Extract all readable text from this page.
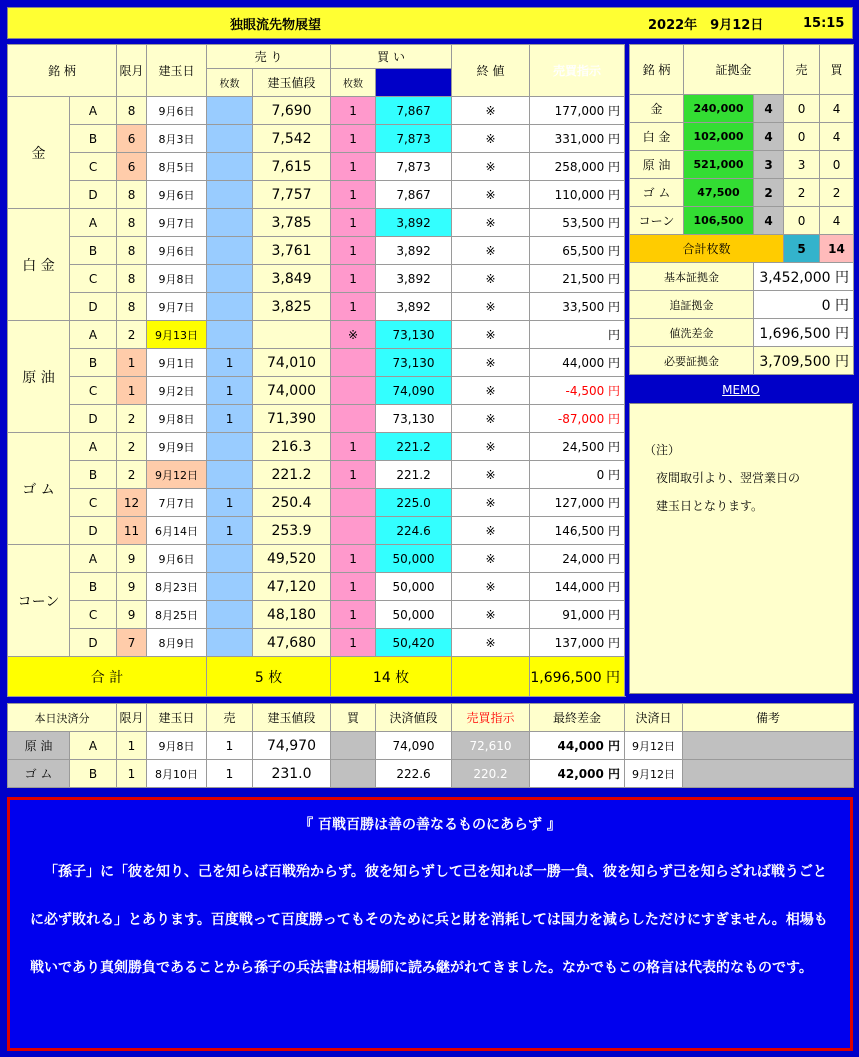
独眼流先物展望	2022年　9月12日	15:15
銘 柄		限月	建玉日	売 り		買 い		終 値	売買指示	
				枚数	建玉値段	枚数				
金	A	8	9月6日		7,690	1	7,867	※	177,000 円	
	B	6	8月3日		7,542	1	7,873	※	331,000 円	
	C	6	8月5日		7,615	1	7,873	※	258,000 円	
	D	8	9月6日		7,757	1	7,867	※	110,000 円	
白 金	A	8	9月7日		3,785	1	3,892	※	53,500 円	
	B	8	9月6日		3,761	1	3,892	※	65,500 円	
	C	8	9月8日		3,849	1	3,892	※	21,500 円	
	D	8	9月7日		3,825	1	3,892	※	33,500 円	
原 油	A	2	9月13日			※	73,130	※	円	
	B	1	9月1日	1	74,010		73,130	※	44,000 円	
	C	1	9月2日	1	74,000		74,090	※	-4,500 円	
	D	2	9月8日	1	71,390		73,130	※	-87,000 円	
ゴ ム	A	2	9月9日		216.3	1	221.2	※	24,500 円	
	B	2	9月12日		221.2	1	221.2	※	0 円	
	C	12	7月7日	1	250.4		225.0	※	127,000 円	
	D	11	6月14日	1	253.9		224.6	※	146,500 円	
コーン	A	9	9月6日		49,520	1	50,000	※	24,000 円	
	B	9	8月23日		47,120	1	50,000	※	144,000 円	
	C	9	8月25日		48,180	1	50,000	※	91,000 円	
	D	7	8月9日		47,680	1	50,420	※	137,000 円	
合 計				5 枚		14 枚			1,696,500 円	
銘 柄	証拠金		売	買
金	240,000	4	0	4
白 金	102,000	4	0	4
原 油	521,000	3	3	0
ゴ ム	47,500	2	2	2
コーン	106,500	4	0	4
合計枚数			5	14
基本証拠金		3,452,000 円		
追証拠金		0 円		
値洗差金		1,696,500 円		
必要証拠金		3,709,500 円		
MEMO
（注）
　夜間取引より、翌営業日の
　建玉日となります。
本日決済分		限月	建玉日	売	建玉値段	買	決済値段	売買指示	最終差金	決済日	備考
原 油	A	1	9月8日	1	74,970		74,090	72,610	44,000 円	9月12日	
ゴ ム	B	1	8月10日	1	231.0		222.6	220.2	42,000 円	9月12日	
『 百戦百勝は善の善なるものにあらず 』
「孫子」に「彼を知り、己を知らば百戦殆からず。彼を知らずして己を知れば一勝一負、彼を知らず己を知らざれば戦うごとに必ず敗れる」とあります。百度戦って百度勝ってもそのために兵と財を消耗しては国力を減らしただけにすぎません。相場も戦いであり真剣勝負であることから孫子の兵法書は相場師に読み継がれてきました。なかでもこの格言は代表的なものです。
